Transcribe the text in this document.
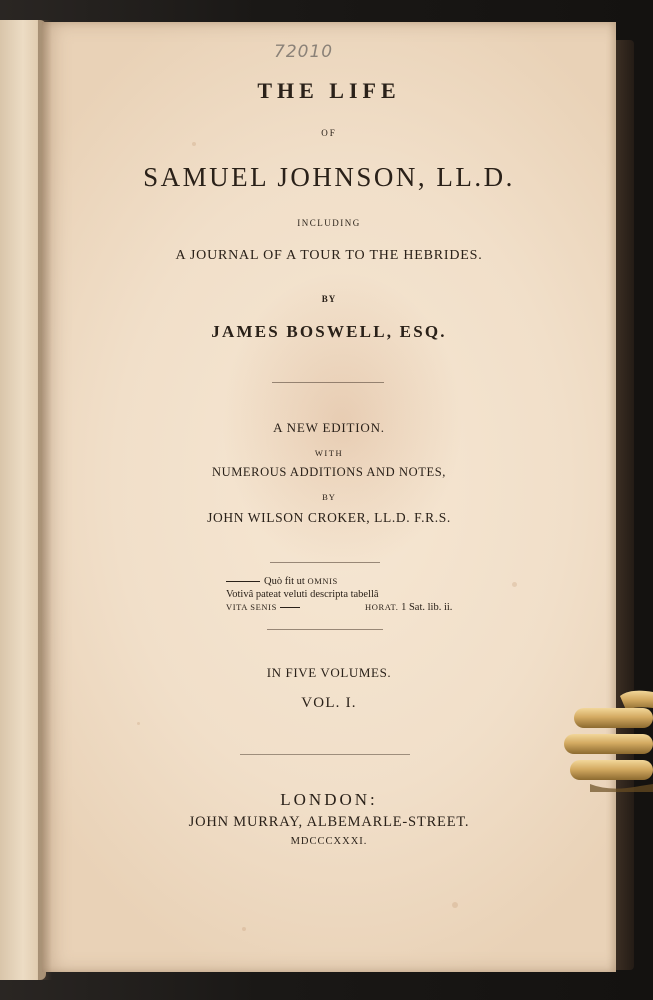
72010
THE LIFE
OF
SAMUEL JOHNSON, LL.D.
INCLUDING
A JOURNAL OF A TOUR TO THE HEBRIDES.
BY
JAMES BOSWELL, ESQ.
A NEW EDITION.
WITH
NUMEROUS ADDITIONS AND NOTES,
BY
JOHN WILSON CROKER, LL.D. F.R.S.
Quò fit ut OMNIS
Votivâ pateat veluti descripta tabellâ
VITA SENIS	HORAT. 1 Sat. lib. ii.
IN FIVE VOLUMES.
VOL. I.
LONDON:
JOHN MURRAY, ALBEMARLE-STREET.
MDCCCXXXI.
